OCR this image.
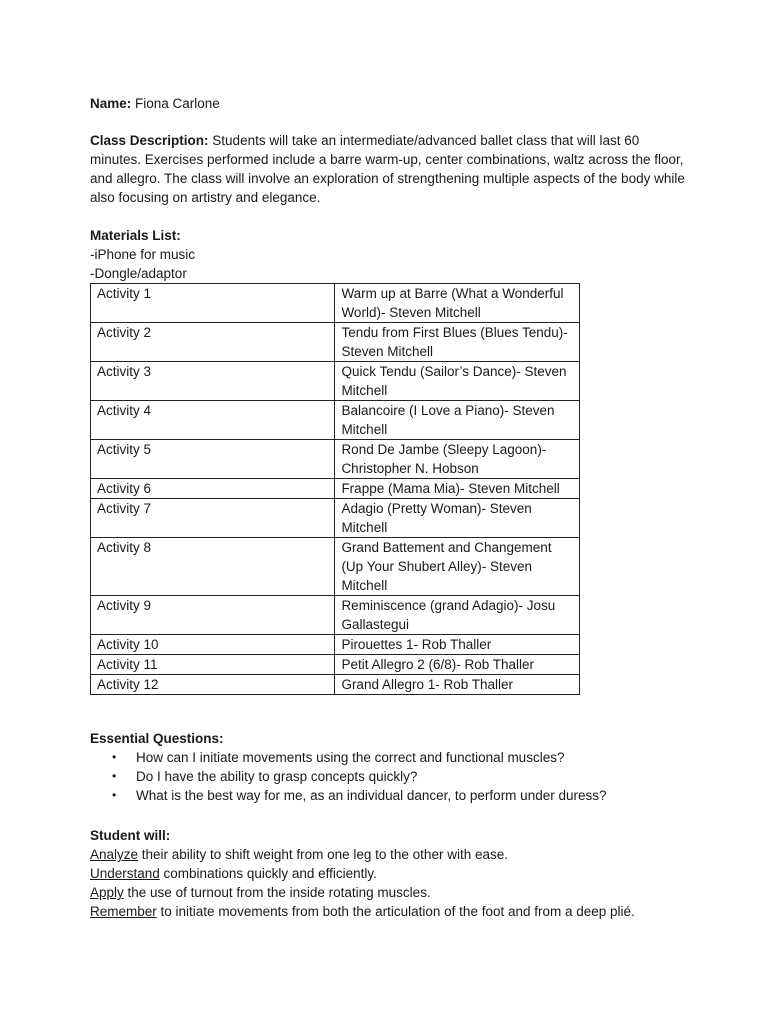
Name: Fiona Carlone
Class Description: Students will take an intermediate/advanced ballet class that will last 60 minutes. Exercises performed include a barre warm-up, center combinations, waltz across the floor, and allegro. The class will involve an exploration of strengthening multiple aspects of the body while also focusing on artistry and elegance.
Materials List:
-iPhone for music
-Dongle/adaptor
Activity 1	Warm up at Barre (What a Wonderful World)- Steven Mitchell
Activity 2	Tendu from First Blues (Blues Tendu)- Steven Mitchell
Activity 3	Quick Tendu (Sailor’s Dance)- Steven Mitchell
Activity 4	Balancoire (I Love a Piano)- Steven Mitchell
Activity 5	Rond De Jambe (Sleepy Lagoon)- Christopher N. Hobson
Activity 6	Frappe (Mama Mia)- Steven Mitchell
Activity 7	Adagio (Pretty Woman)- Steven Mitchell
Activity 8	Grand Battement and Changement (Up Your Shubert Alley)- Steven Mitchell
Activity 9	Reminiscence (grand Adagio)- Josu Gallastegui
Activity 10	Pirouettes 1- Rob Thaller
Activity 11	Petit Allegro 2 (6/8)- Rob Thaller
Activity 12	Grand Allegro 1- Rob Thaller
Essential Questions:
• How can I initiate movements using the correct and functional muscles?
• Do I have the ability to grasp concepts quickly?
• What is the best way for me, as an individual dancer, to perform under duress?
Student will:
Analyze their ability to shift weight from one leg to the other with ease.
Understand combinations quickly and efficiently.
Apply the use of turnout from the inside rotating muscles.
Remember to initiate movements from both the articulation of the foot and from a deep plié.
